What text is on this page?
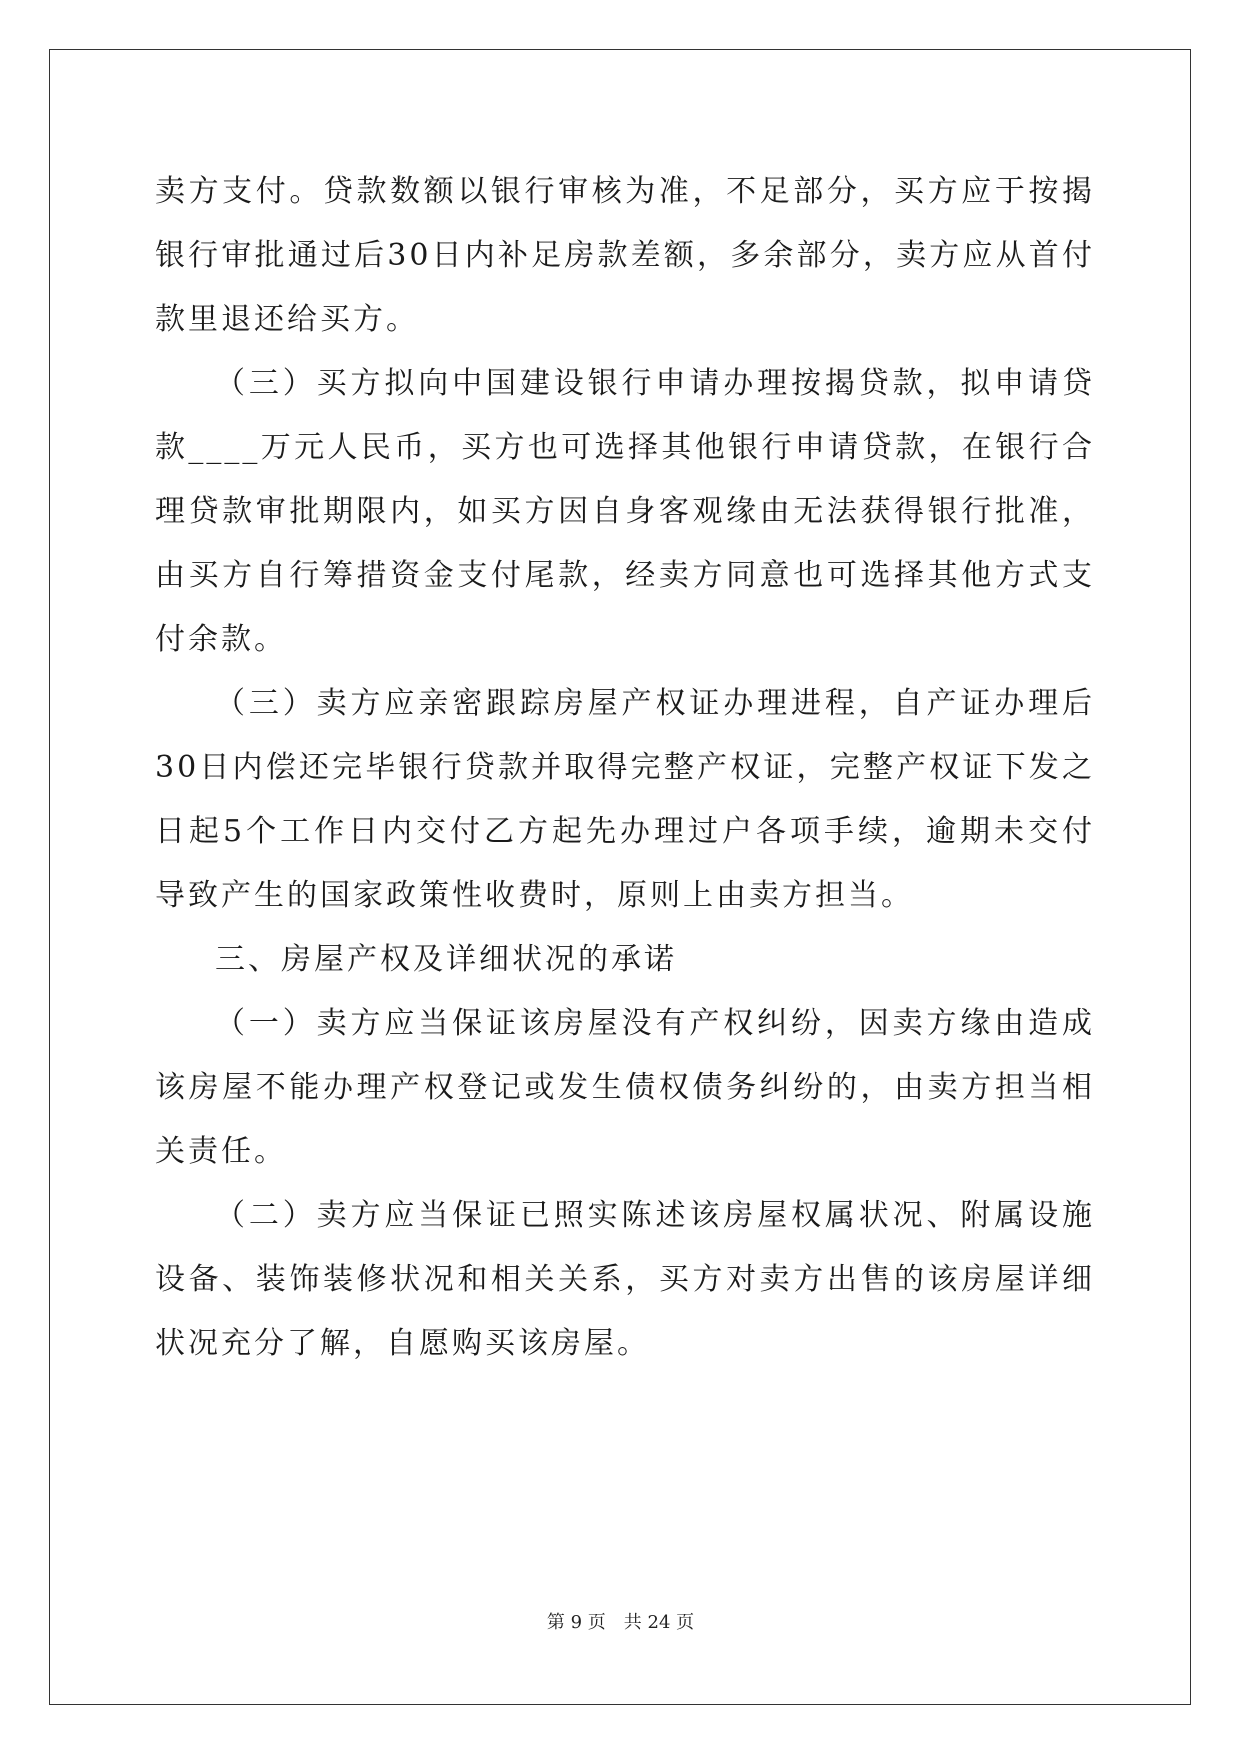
卖方支付。贷款数额以银行审核为准，不足部分，买方应于按揭银行审批通过后30日内补足房款差额，多余部分，卖方应从首付款里退还给买方。

（三）买方拟向中国建设银行申请办理按揭贷款，拟申请贷款____万元人民币，买方也可选择其他银行申请贷款，在银行合理贷款审批期限内，如买方因自身客观缘由无法获得银行批准，由买方自行筹措资金支付尾款，经卖方同意也可选择其他方式支付余款。

（三）卖方应亲密跟踪房屋产权证办理进程，自产证办理后30日内偿还完毕银行贷款并取得完整产权证，完整产权证下发之日起5个工作日内交付乙方起先办理过户各项手续，逾期未交付导致产生的国家政策性收费时，原则上由卖方担当。

三、房屋产权及详细状况的承诺

（一）卖方应当保证该房屋没有产权纠纷，因卖方缘由造成该房屋不能办理产权登记或发生债权债务纠纷的，由卖方担当相关责任。

（二）卖方应当保证已照实陈述该房屋权属状况、附属设施设备、装饰装修状况和相关关系，买方对卖方出售的该房屋详细状况充分了解，自愿购买该房屋。

第 9 页　共 24 页
